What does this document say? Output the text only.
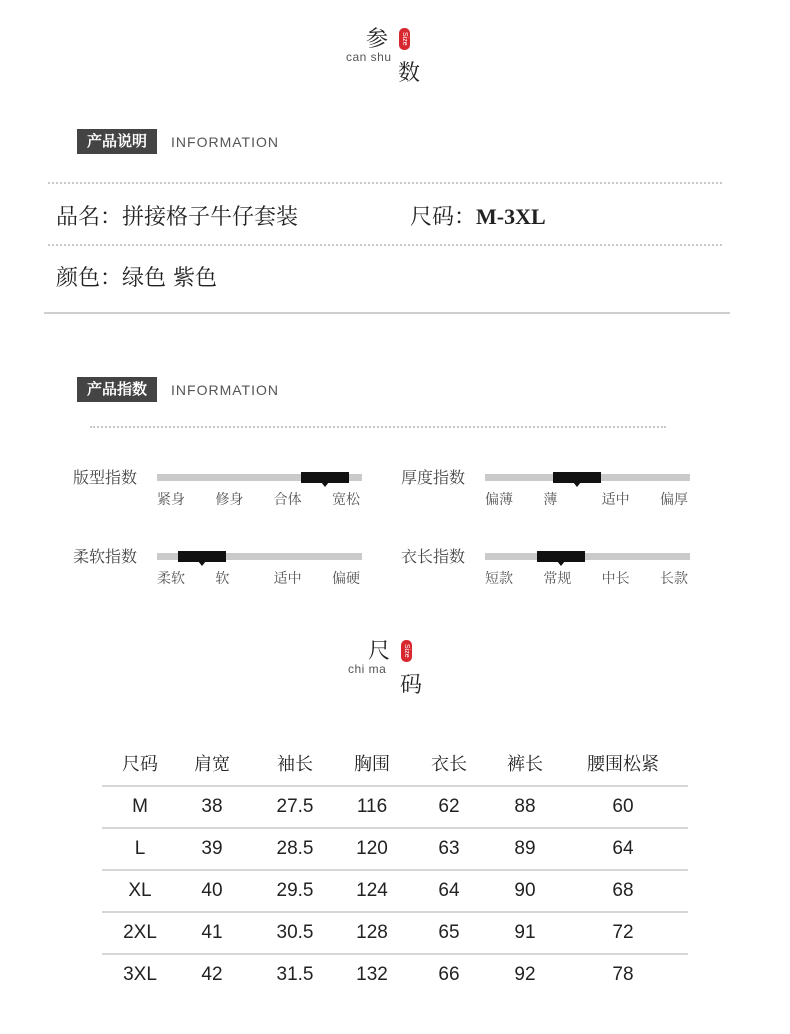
参 Size
can shu
数
产品说明	INFORMATION
品名：拼接格子牛仔套装	尺码：M-3XL
颜色：绿色 紫色
产品指数	INFORMATION
版型指数
紧身 修身 合体 宽松
厚度指数
偏薄 薄	适中 偏厚
柔软指数
柔软 软	适中 偏硬
衣长指数
短款 常规 中长 长款
尺 Size
chi ma
码
尺码	肩宽	袖长	胸围	衣长	裤长	腰围松紧
M	38	27.5	116	62	88	60
L	39	28.5	120	63	89	64
XL	40	29.5	124	64	90	68
2XL	41	30.5	128	65	91	72
3XL	42	31.5	132	66	92	78
